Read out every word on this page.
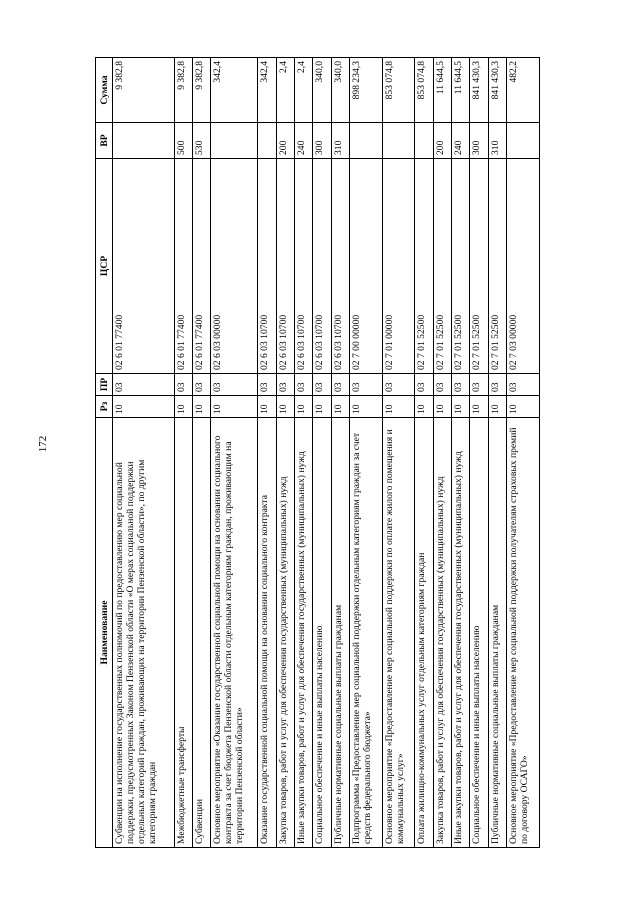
172
Наименование	Рз	ПР	ЦСР	ВР	Сумма
Субвенции на исполнение государственных полномочий по предоставлению мер социальной поддержки, предусмотренных Законом Пензенской области «О мерах социальной поддержки отдельных категорий граждан, проживающих на территории Пензенской области», по другим категориям граждан	10	03	02 6 01 77400		9 382,8
Межбюджетные трансферты	10	03	02 6 01 77400	500	9 382,8
Субвенции	10	03	02 6 01 77400	530	9 382,8
Основное мероприятие «Оказание государственной социальной помощи на основании социального контракта за счет бюджета Пензенской области отдельным категориям граждан, проживающим на территории Пензенской области»	10	03	02 6 03 00000		342,4
Оказание государственной социальной помощи на основании социального контракта	10	03	02 6 03 10700		342,4
Закупка товаров, работ и услуг для обеспечения государственных (муниципальных) нужд	10	03	02 6 03 10700	200	2,4
Иные закупки товаров, работ и услуг для обеспечения государственных (муниципальных) нужд	10	03	02 6 03 10700	240	2,4
Социальное обеспечение и иные выплаты населению	10	03	02 6 03 10700	300	340,0
Публичные нормативные социальные выплаты гражданам	10	03	02 6 03 10700	310	340,0
Подпрограмма «Предоставление мер социальной поддержки отдельным категориям граждан за счет средств федерального бюджета»	10	03	02 7 00 00000		898 234,3
Основное мероприятие «Предоставление мер социальной поддержки по оплате жилого помещения и коммунальных услуг»	10	03	02 7 01 00000		853 074,8
Оплата жилищно-коммунальных услуг отдельным категориям граждан	10	03	02 7 01 52500		853 074,8
Закупка товаров, работ и услуг для обеспечения государственных (муниципальных) нужд	10	03	02 7 01 52500	200	11 644,5
Иные закупки товаров, работ и услуг для обеспечения государственных (муниципальных) нужд	10	03	02 7 01 52500	240	11 644,5
Социальное обеспечение и иные выплаты населению	10	03	02 7 01 52500	300	841 430,3
Публичные нормативные социальные выплаты гражданам	10	03	02 7 01 52500	310	841 430,3
Основное мероприятие «Предоставление мер социальной поддержки получателям страховых премий по договору ОСАГО»	10	03	02 7 03 00000		482,2
